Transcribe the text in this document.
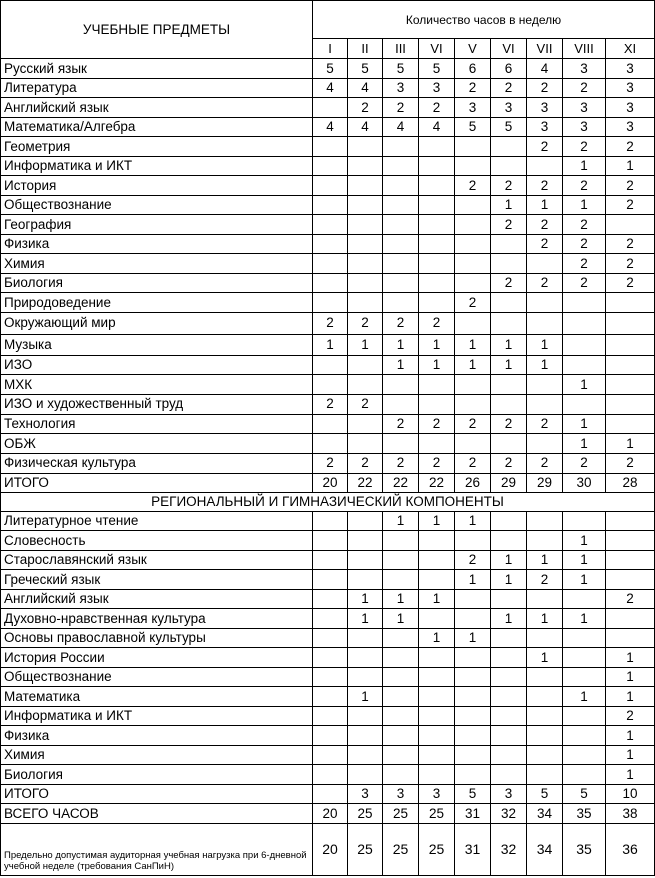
УЧЕБНЫЕ ПРЕДМЕТЫ	Количество часов в неделю								
	I	II	III	VI	V	VI	VII	VIII	XI
Русский язык	5	5	5	5	6	6	4	3	3
Литература	4	4	3	3	2	2	2	2	3
Английский язык		2	2	2	3	3	3	3	3
Математика/Алгебра	4	4	4	4	5	5	3	3	3
Геометрия							2	2	2
Информатика и ИКТ								1	1
История					2	2	2	2	2
Обществознание						1	1	1	2
География						2	2	2	
Физика							2	2	2
Химия								2	2
Биология						2	2	2	2
Природоведение					2				
Окружающий мир	2	2	2	2					
Музыка	1	1	1	1	1	1	1		
ИЗО			1	1	1	1	1		
МХК								1	
ИЗО и художественный труд	2	2							
Технология			2	2	2	2	2	1	
ОБЖ								1	1
Физическая культура	2	2	2	2	2	2	2	2	2
ИТОГО	20	22	22	22	26	29	29	30	28
РЕГИОНАЛЬНЫЙ И ГИМНАЗИЧЕСКИЙ КОМПОНЕНТЫ									
Литературное чтение			1	1	1				
Словесность								1	
Старославянский язык					2	1	1	1	
Греческий язык					1	1	2	1	
Английский язык		1	1	1					2
Духовно-нравственная культура		1	1			1	1	1	
Основы православной культуры				1	1				
История России							1		1
Обществознание									1
Математика		1						1	1
Информатика и ИКТ									2
Физика									1
Химия									1
Биология									1
ИТОГО		3	3	3	5	3	5	5	10
ВСЕГО ЧАСОВ	20	25	25	25	31	32	34	35	38
Предельно допустимая аудиторная учебная нагрузка при 6-дневной учебной неделе (требования СанПиН)	20	25	25	25	31	32	34	35	36
